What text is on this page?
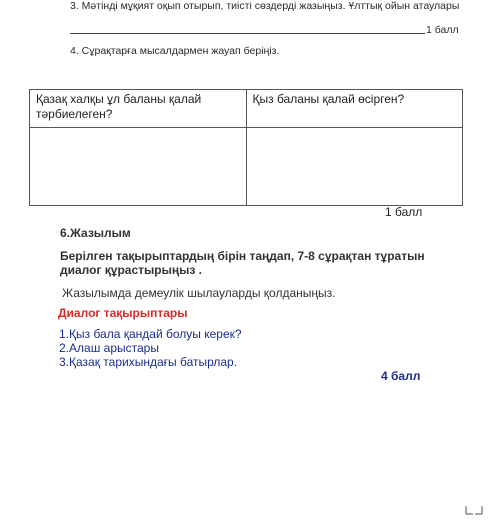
3. Мәтінді мұқият оқып отырып, тиісті сөздерді жазыңыз. Ұлттық ойын атаулары
1 балл
4. Сұрақтарға мысалдармен жауап беріңіз.
Қазақ халқы ұл баланы қалай тәрбиелеген?	Қыз баланы қалай өсірген?

1 балл
6.Жазылым
Берілген тақырыптардың бірін таңдап, 7-8 сұрақтан тұратын диалог құрастырыңыз .
Жазылымда демеулік шылауларды қолданыңыз.
Диалог тақырыптары
1.Қыз бала қандай болуы керек?
2.Алаш арыстары
3.Қазақ тарихындағы батырлар.
4 балл
